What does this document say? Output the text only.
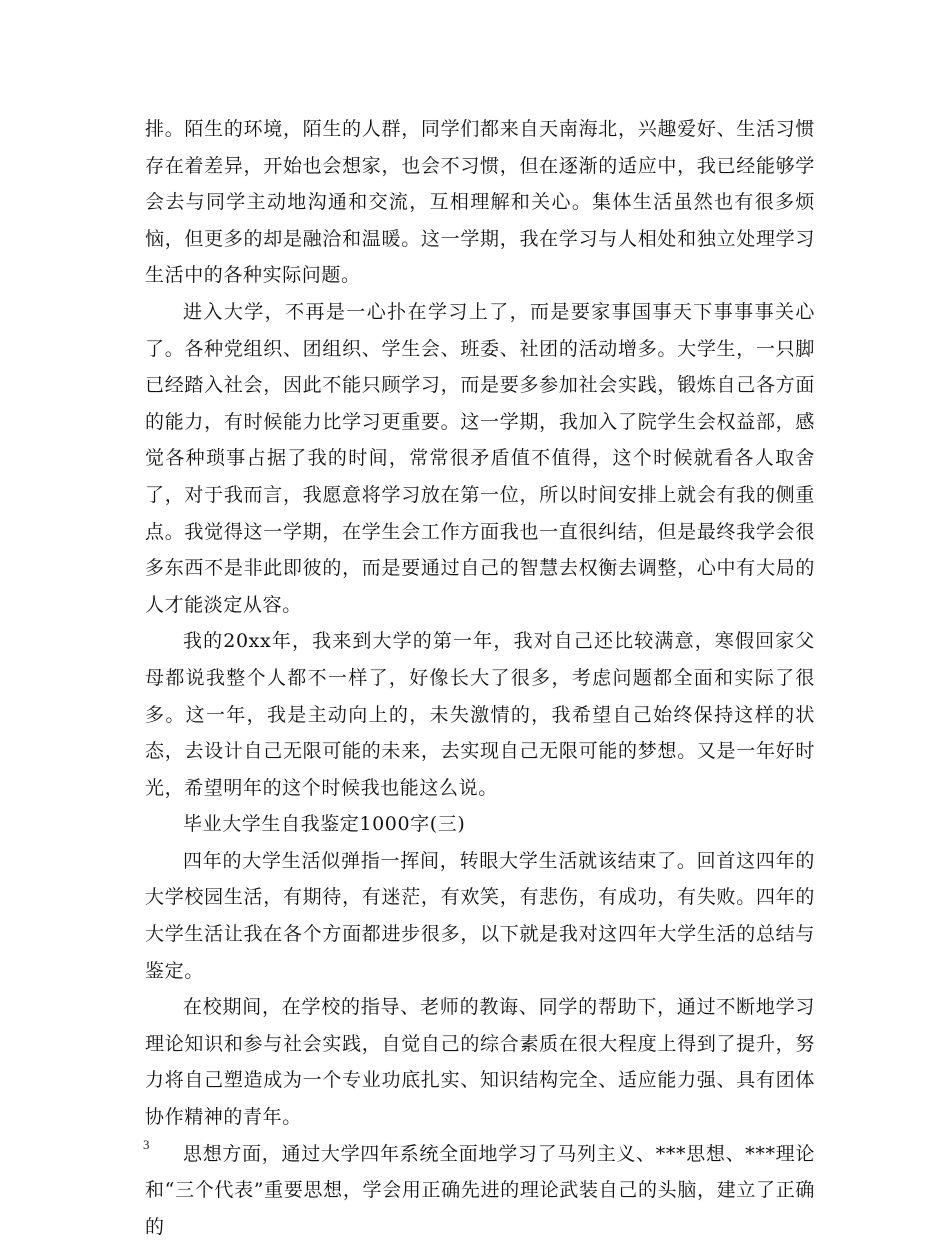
排。陌生的环境，陌生的人群，同学们都来自天南海北，兴趣爱好、生活习惯存在着差异，开始也会想家，也会不习惯，但在逐渐的适应中，我已经能够学会去与同学主动地沟通和交流，互相理解和关心。集体生活虽然也有很多烦恼，但更多的却是融洽和温暖。这一学期，我在学习与人相处和独立处理学习生活中的各种实际问题。

进入大学，不再是一心扑在学习上了，而是要家事国事天下事事事关心了。各种党组织、团组织、学生会、班委、社团的活动增多。大学生，一只脚已经踏入社会，因此不能只顾学习，而是要多参加社会实践，锻炼自己各方面的能力，有时候能力比学习更重要。这一学期，我加入了院学生会权益部，感觉各种琐事占据了我的时间，常常很矛盾值不值得，这个时候就看各人取舍了，对于我而言，我愿意将学习放在第一位，所以时间安排上就会有我的侧重点。我觉得这一学期，在学生会工作方面我也一直很纠结，但是最终我学会很多东西不是非此即彼的，而是要通过自己的智慧去权衡去调整，心中有大局的人才能淡定从容。

我的20xx年，我来到大学的第一年，我对自己还比较满意，寒假回家父母都说我整个人都不一样了，好像长大了很多，考虑问题都全面和实际了很多。这一年，我是主动向上的，未失激情的，我希望自己始终保持这样的状态，去设计自己无限可能的未来，去实现自己无限可能的梦想。又是一年好时光，希望明年的这个时候我也能这么说。

毕业大学生自我鉴定1000字(三)

四年的大学生活似弹指一挥间，转眼大学生活就该结束了。回首这四年的大学校园生活，有期待，有迷茫，有欢笑，有悲伤，有成功，有失败。四年的大学生活让我在各个方面都进步很多，以下就是我对这四年大学生活的总结与鉴定。

在校期间，在学校的指导、老师的教诲、同学的帮助下，通过不断地学习理论知识和参与社会实践，自觉自己的综合素质在很大程度上得到了提升，努力将自己塑造成为一个专业功底扎实、知识结构完全、适应能力强、具有团体协作精神的青年。

思想方面，通过大学四年系统全面地学习了马列主义、***思想、***理论和“三个代表”重要思想，学会用正确先进的理论武装自己的头脑，建立了正确的

3
